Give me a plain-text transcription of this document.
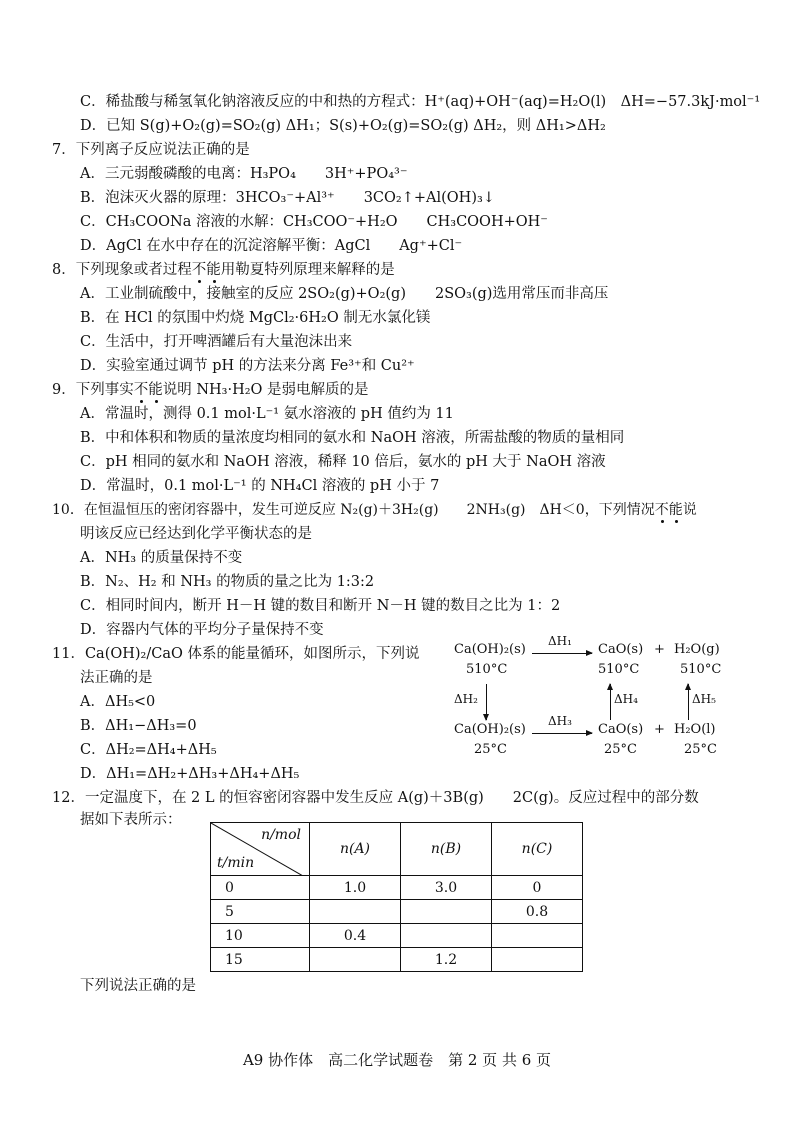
C．稀盐酸与稀氢氧化钠溶液反应的中和热的方程式：H⁺(aq)+OH⁻(aq)=H₂O(l)　ΔH=−57.3kJ·mol⁻¹
D．已知 S(g)+O₂(g)=SO₂(g) ΔH₁；S(s)+O₂(g)=SO₂(g) ΔH₂，则 ΔH₁>ΔH₂
7．下列离子反应说法正确的是
A．三元弱酸磷酸的电离：H₃PO₄　　3H⁺+PO₄³⁻
B．泡沫灭火器的原理：3HCO₃⁻+Al³⁺　　3CO₂↑+Al(OH)₃↓
C．CH₃COONa 溶液的水解：CH₃COO⁻+H₂O　　CH₃COOH+OH⁻
D．AgCl 在水中存在的沉淀溶解平衡：AgCl　　Ag⁺+Cl⁻
8．下列现象或者过程不能用勒夏特列原理来解释的是
A．工业制硫酸中，接触室的反应 2SO₂(g)+O₂(g)　　2SO₃(g)选用常压而非高压
B．在 HCl 的氛围中灼烧 MgCl₂·6H₂O 制无水氯化镁
C．生活中，打开啤酒罐后有大量泡沫出来
D．实验室通过调节 pH 的方法来分离 Fe³⁺和 Cu²⁺
9．下列事实不能说明 NH₃·H₂O 是弱电解质的是
A．常温时，测得 0.1 mol·L⁻¹ 氨水溶液的 pH 值约为 11
B．中和体积和物质的量浓度均相同的氨水和 NaOH 溶液，所需盐酸的物质的量相同
C．pH 相同的氨水和 NaOH 溶液，稀释 10 倍后，氨水的 pH 大于 NaOH 溶液
D．常温时，0.1 mol·L⁻¹ 的 NH₄Cl 溶液的 pH 小于 7
10．在恒温恒压的密闭容器中，发生可逆反应 N₂(g)＋3H₂(g)　　2NH₃(g)　ΔH＜0，下列情况不能说
明该反应已经达到化学平衡状态的是
A．NH₃ 的质量保持不变
B．N₂、H₂ 和 NH₃ 的物质的量之比为 1:3:2
C．相同时间内，断开 H－H 键的数目和断开 N－H 键的数目之比为 1：2
D．容器内气体的平均分子量保持不变
11．Ca(OH)₂/CaO 体系的能量循环，如图所示，下列说
法正确的是
A．ΔH₅<0
B．ΔH₁−ΔH₃=0
C．ΔH₂=ΔH₄+ΔH₅
D．ΔH₁=ΔH₂+ΔH₃+ΔH₄+ΔH₅
Ca(OH)₂(s)
ΔH₁
CaO(s) + H₂O(g)
510°C	510°C	510°C
ΔH₂	ΔH₄	ΔH₅
Ca(OH)₂(s)
ΔH₃
CaO(s) + H₂O(l)
25°C	25°C	25°C
12．一定温度下，在 2 L 的恒容密闭容器中发生反应 A(g)＋3B(g)　　2C(g)。反应过程中的部分数
据如下表所示：
n/mol
t/min	n(A)	n(B)	n(C)
0	1.0	3.0	0
5			0.8
10	0.4		
15		1.2	
下列说法正确的是
A9 协作体　高二化学试题卷　第 2 页 共 6 页
